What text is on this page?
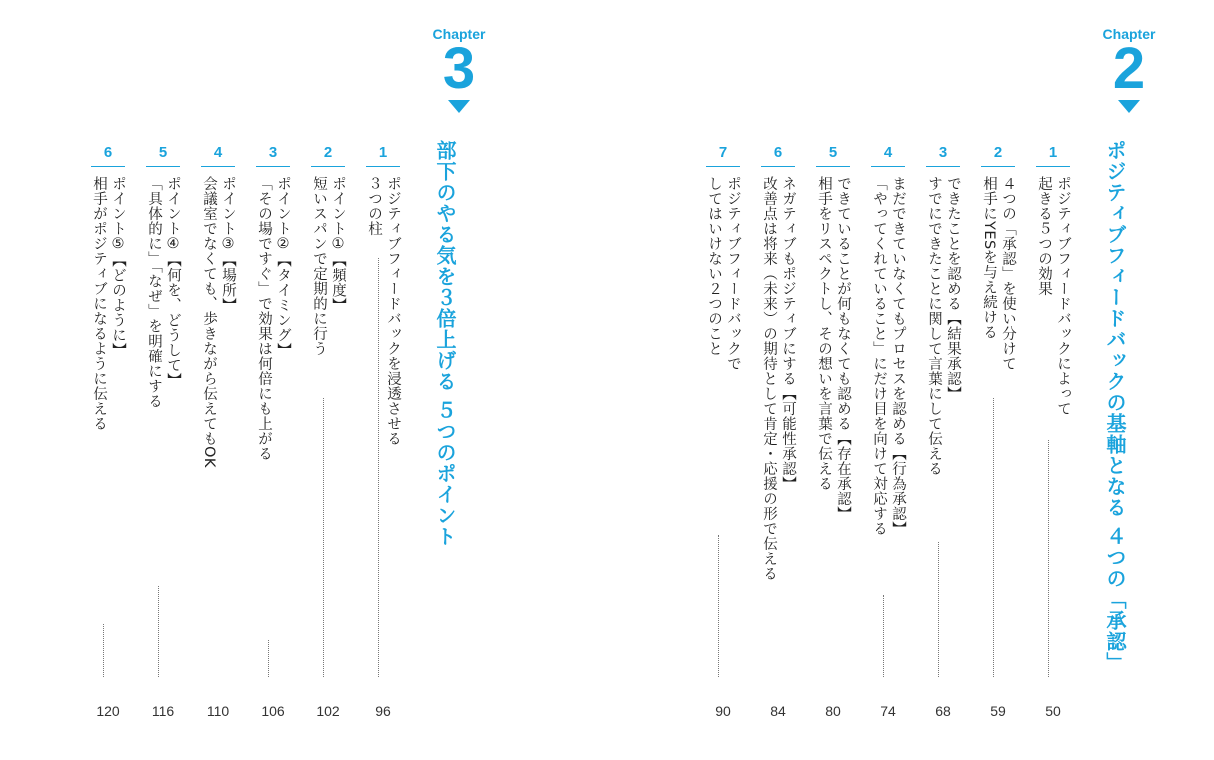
Chapter
3
部下のやる気を３倍上げる ５つのポイント
1
ポジティブフィードバックを浸透させる
３つの柱
96
2
ポイント①【頻度】
短いスパンで定期的に行う
102
3
ポイント②【タイミング】
「その場ですぐ」で効果は何倍にも上がる
106
4
ポイント③【場所】
会議室でなくても、歩きながら伝えてもOK
110
5
ポイント④【何を、どうして】
「具体的に」「なぜ」を明確にする
116
6
ポイント⑤【どのように】
相手がポジティブになるように伝える
120
Chapter
2
ポジティブフィードバックの基軸となる ４つの「承認」
1
ポジティブフィードバックによって
起きる５つの効果
50
2
４つの「承認」を使い分けて
相手にYESを与え続ける
59
3
できたことを認める【結果承認】
すでにできたことに関して言葉にして伝える
68
4
まだできていなくてもプロセスを認める【行為承認】
「やってくれていること」にだけ目を向けて対応する
74
5
できていることが何もなくても認める【存在承認】
相手をリスペクトし、その想いを言葉で伝える
80
6
ネガティブもポジティブにする【可能性承認】
改善点は将来（未来）の期待として肯定・応援の形で伝える
84
7
ポジティブフィードバックで
してはいけない２つのこと
90
